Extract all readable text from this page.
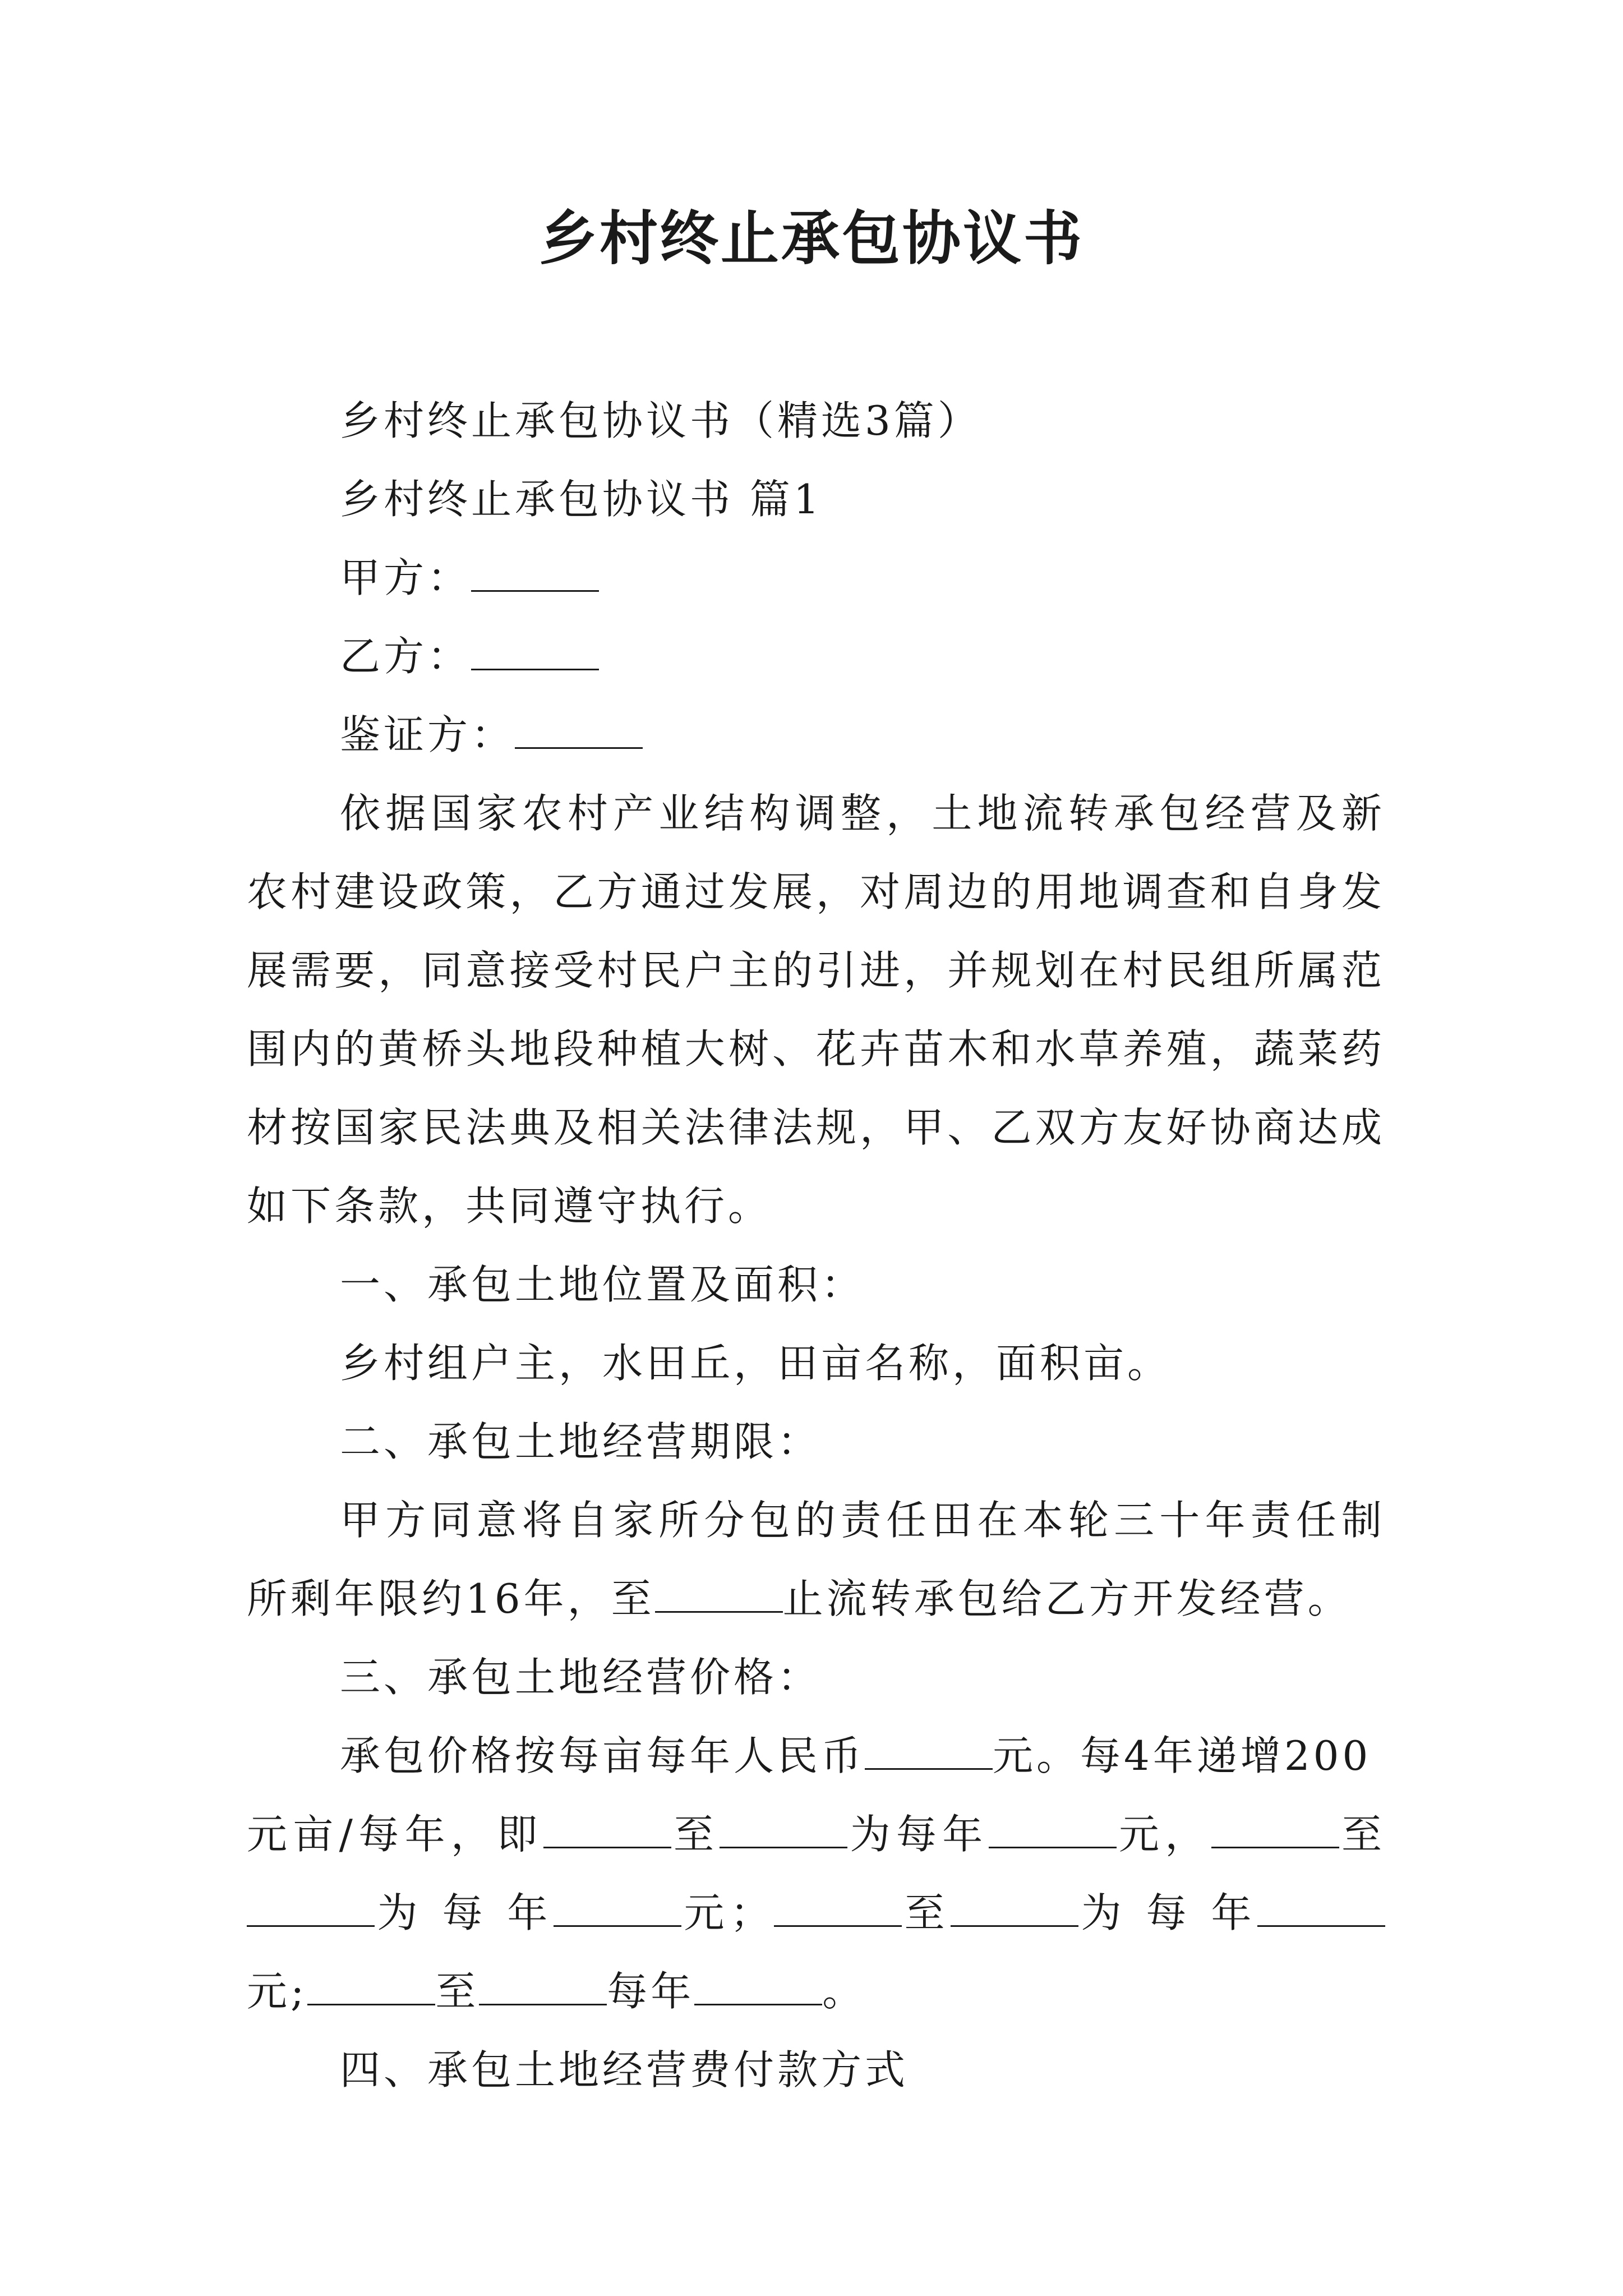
乡村终止承包协议书

乡村终止承包协议书（精选3篇）

乡村终止承包协议书 篇1

甲方：

乙方：

鉴证方：

依据国家农村产业结构调整，土地流转承包经营及新农村建设政策，乙方通过发展，对周边的用地调查和自身发展需要，同意接受村民户主的引进，并规划在村民组所属范围内的黄桥头地段种植大树、花卉苗木和水草养殖，蔬菜药材按国家民法典及相关法律法规，甲、乙双方友好协商达成如下条款，共同遵守执行。

一、承包土地位置及面积：

乡村组户主，水田丘，田亩名称，面积亩。

二、承包土地经营期限：

甲方同意将自家所分包的责任田在本轮三十年责任制所剩年限约16年，至	止流转承包给乙方开发经营。

三、承包土地经营价格：

承包价格按每亩每年人民币	元。每4年递增200

元亩/每年，即	至	为每年	元，	至

为 每 年	元；	至	为 每 年

元;	至	每年	。

四、承包土地经营费付款方式
